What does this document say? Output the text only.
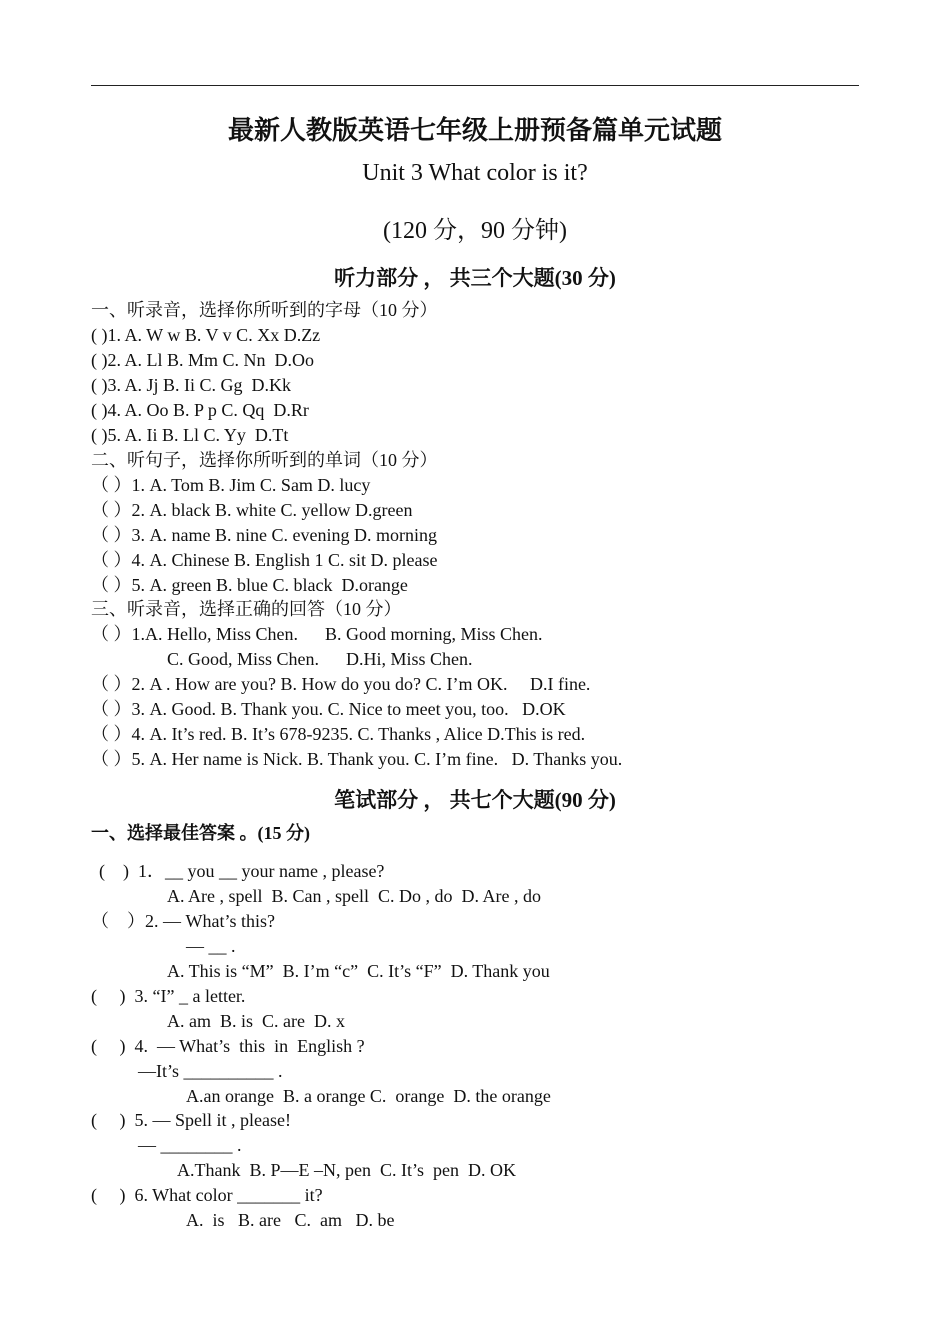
最新人教版英语七年级上册预备篇单元试题
Unit 3 What color is it?
(120 分，90 分钟)
听力部分 ， 共三个大题(30 分)
一、听录音，选择你所听到的字母（10 分）
( )1. A. W w B. V v C. Xx D.Zz
( )2. A. Ll B. Mm C. Nn  D.Oo
( )3. A. Jj B. Ii C. Gg  D.Kk
( )4. A. Oo B. P p C. Qq  D.Rr
( )5. A. Ii B. Ll C. Yy  D.Tt
二、听句子，选择你所听到的单词（10 分）
（ ）1. A. Tom B. Jim C. Sam D. lucy
（ ）2. A. black B. white C. yellow D.green
（ ）3. A. name B. nine C. evening D. morning
（ ）4. A. Chinese B. English 1 C. sit D. please
（ ）5. A. green B. blue C. black  D.orange
三、听录音，选择正确的回答（10 分）
（ ）1.A. Hello, Miss Chen.      B. Good morning, Miss Chen.
C. Good, Miss Chen.      D.Hi, Miss Chen.
（ ）2. A . How are you? B. How do you do? C. I’m OK.     D.I fine.
（ ）3. A. Good. B. Thank you. C. Nice to meet you, too.   D.OK
（ ）4. A. It’s red. B. It’s 678-9235. C. Thanks , Alice D.This is red.
（ ）5. A. Her name is Nick. B. Thank you. C. I’m fine.   D. Thanks you.
笔试部分 ， 共七个大题(90 分)
一、选择最佳答案 。(15 分)
(    )  1．__ you __ your name , please?
A. Are , spell  B. Can , spell  C. Do , do  D. Are , do
（    ）2. — What’s this?
— __ .
A. This is “M”  B. I’m “c”  C. It’s “F”  D. Thank you
(     )  3. “I” _ a letter.
A. am  B. is  C. are  D. x
(     )  4.  — What’s  this  in  English ?
—It’s __________ .
A.an orange  B. a orange C.  orange  D. the orange
(     )  5. — Spell it , please!
— ________ .
A.Thank  B. P—E –N, pen  C. It’s  pen  D. OK
(     )  6. What color _______ it?
A.  is   B. are   C.  am   D. be
